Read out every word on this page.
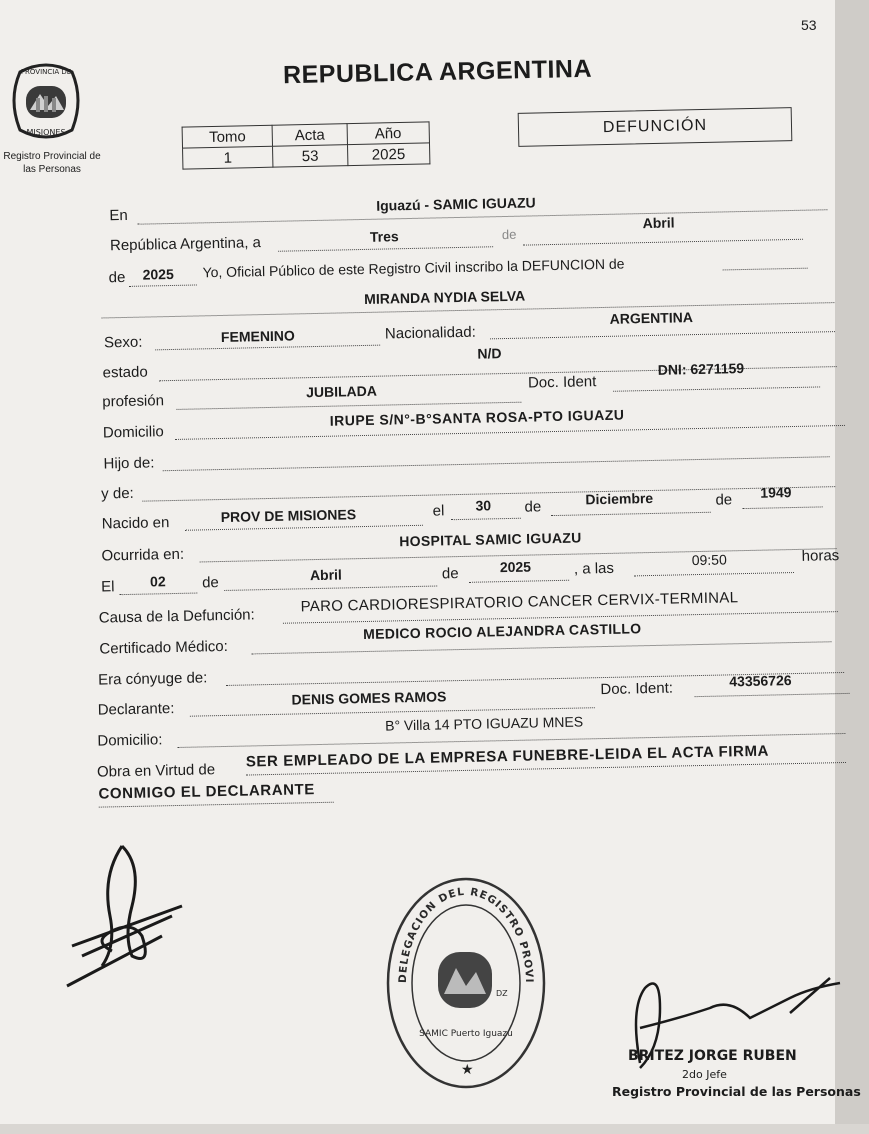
53
PROVINCIA DE
MISIONES
Registro Provincial de
las Personas
REPUBLICA ARGENTINA
Tomo	Acta	Año
1	53	2025
DEFUNCIÓN
En
Iguazú - SAMIC IGUAZU
República Argentina, a	Tres	de
Abril
de 2025 Yo, Oficial Público de este Registro Civil inscribo la DEFUNCION de
MIRANDA NYDIA SELVA
Sexo:	FEMENINO	Nacionalidad:
ARGENTINA
estado
N/D
profesión
JUBILADA	Doc. Ident
DNI: 6271159
Domicilio
IRUPE S/N°-B°SANTA ROSA-PTO IGUAZU
Hijo de:
y de:
Nacido en	PROV DE MISIONES	el 30 de	Diciembre	de 1949
Ocurrida en:
HOSPITAL SAMIC IGUAZU
El	02 de	Abril	de	2025	, a las
09:50	horas
Causa de la Defunción:
PARO CARDIORESPIRATORIO CANCER CERVIX-TERMINAL
Certificado Médico:
MEDICO ROCIO ALEJANDRA CASTILLO
Era cónyuge de:
Declarante:
DENIS GOMES RAMOS	Doc. Ident:	43356726
Domicilio:
B° Villa 14 PTO IGUAZU MNES
Obra en Virtud de
SER EMPLEADO DE LA EMPRESA FUNEBRE-LEIDA EL ACTA FIRMA
CONMIGO EL DECLARANTE
DELEGACION DEL REGISTRO PROVI
SAMIC Puerto Iguazu
DZ
★
BRITEZ JORGE RUBEN
2do Jefe
Registro Provincial de las Personas
